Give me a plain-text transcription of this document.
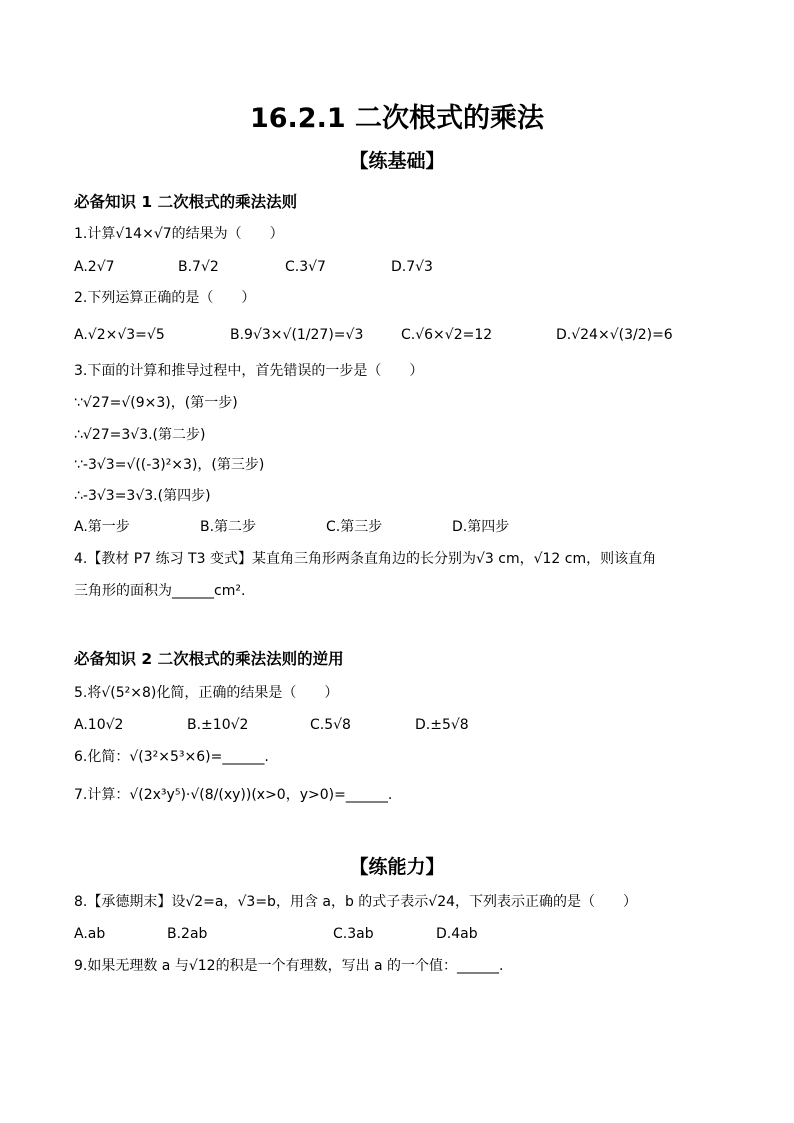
16.2.1 二次根式的乘法
【练基础】
必备知识 1 二次根式的乘法法则
1.计算√14×√7的结果为（　　）
A.2√7	B.7√2	C.3√7	D.7√3
2.下列运算正确的是（　　）
A.√2×√3=√5	B.9√3×√(1/27)=√3	C.√6×√2=12	D.√24×√(3/2)=6
3.下面的计算和推导过程中，首先错误的一步是（　　）
∵√27=√(9×3)，(第一步)
∴√27=3√3.(第二步)
∵-3√3=√((-3)²×3)，(第三步)
∴-3√3=3√3.(第四步)
A.第一步	B.第二步	C.第三步	D.第四步
4.【教材 P7 练习 T3 变式】某直角三角形两条直角边的长分别为√3 cm，√12 cm，则该直角
三角形的面积为______cm².
必备知识 2 二次根式的乘法法则的逆用
5.将√(5²×8)化简，正确的结果是（　　）
A.10√2	B.±10√2	C.5√8	D.±5√8
6.化简：√(3²×5³×6)=______.
7.计算：√(2x³y⁵)·√(8/(xy))(x>0，y>0)=______.
【练能力】
8.【承德期末】设√2=a，√3=b，用含 a，b 的式子表示√24，下列表示正确的是（　　）
A.ab	B.2ab	C.3ab	D.4ab
9.如果无理数 a 与√12的积是一个有理数，写出 a 的一个值：______.
